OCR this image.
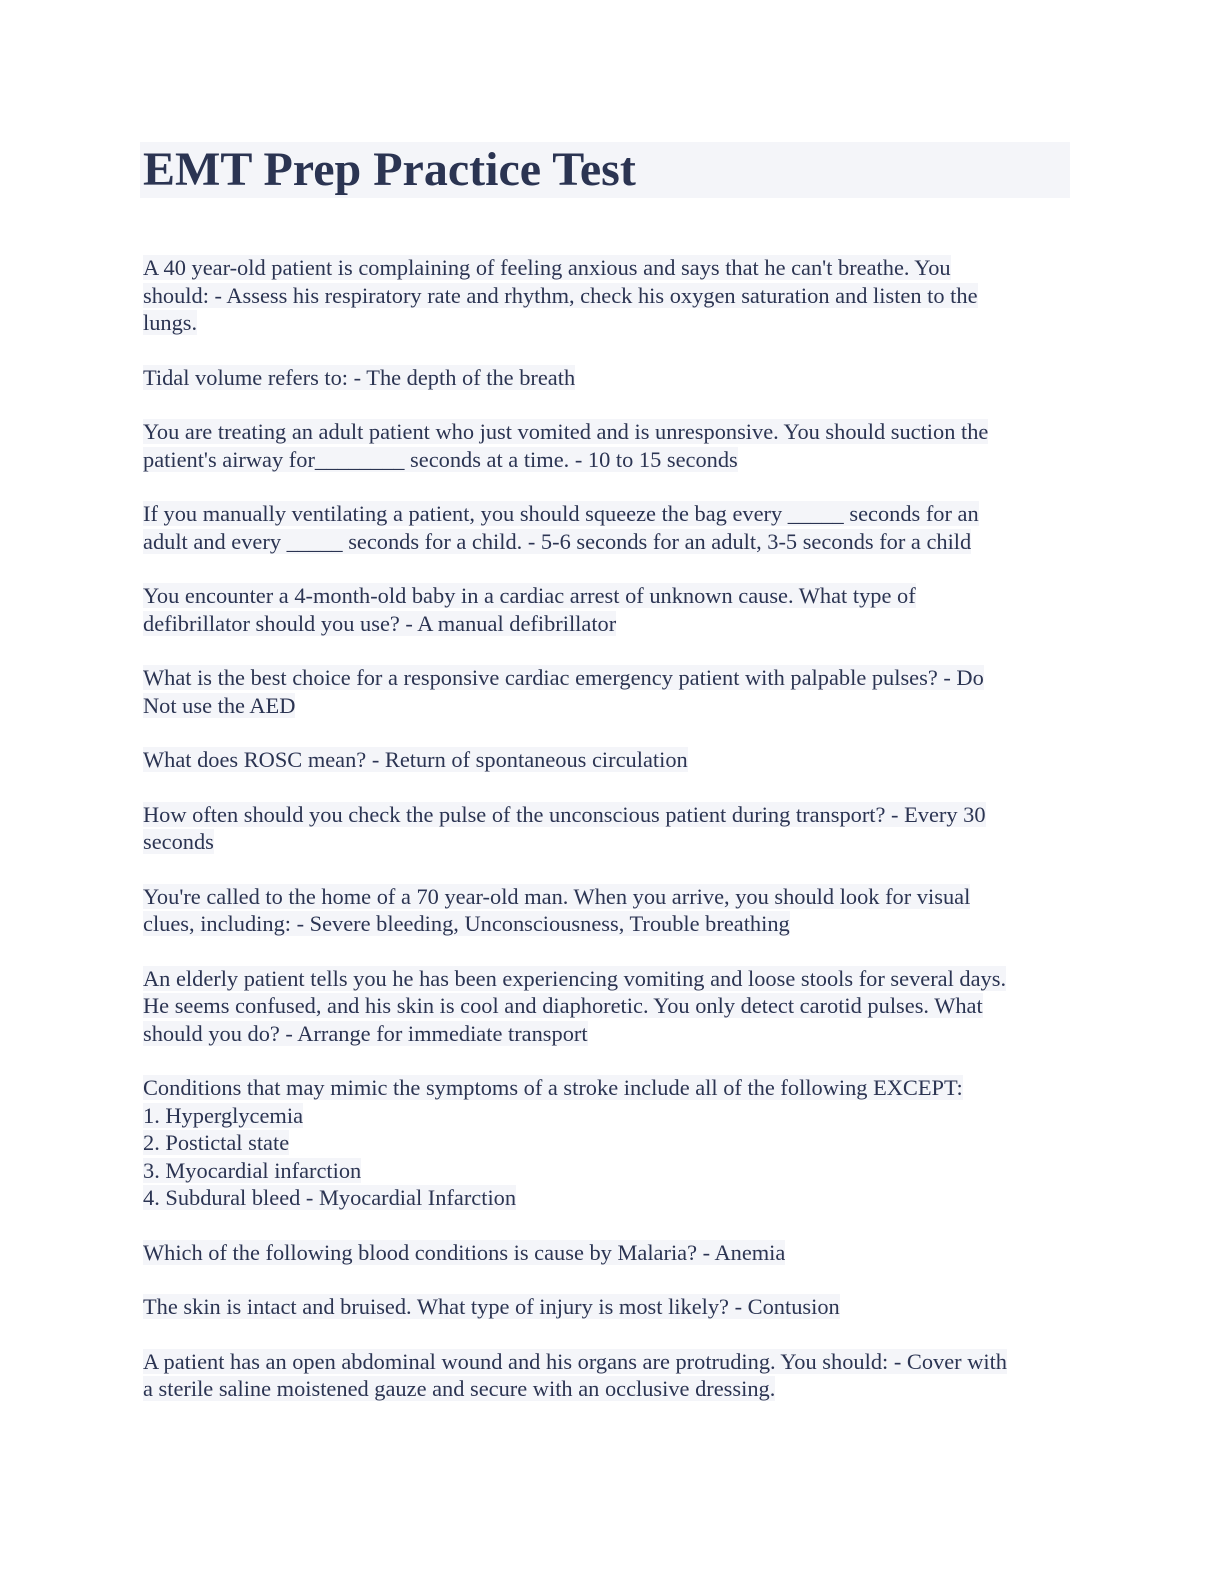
EMT Prep Practice Test
A 40 year-old patient is complaining of feeling anxious and says that he can't breathe. You
should: - Assess his respiratory rate and rhythm, check his oxygen saturation and listen to the
lungs.
Tidal volume refers to: - The depth of the breath
You are treating an adult patient who just vomited and is unresponsive. You should suction the
patient's airway for________ seconds at a time. - 10 to 15 seconds
If you manually ventilating a patient, you should squeeze the bag every _____ seconds for an
adult and every _____ seconds for a child. - 5-6 seconds for an adult, 3-5 seconds for a child
You encounter a 4-month-old baby in a cardiac arrest of unknown cause. What type of
defibrillator should you use? - A manual defibrillator
What is the best choice for a responsive cardiac emergency patient with palpable pulses? - Do
Not use the AED
What does ROSC mean? - Return of spontaneous circulation
How often should you check the pulse of the unconscious patient during transport? - Every 30
seconds
You're called to the home of a 70 year-old man. When you arrive, you should look for visual
clues, including: - Severe bleeding, Unconsciousness, Trouble breathing
An elderly patient tells you he has been experiencing vomiting and loose stools for several days.
He seems confused, and his skin is cool and diaphoretic. You only detect carotid pulses. What
should you do? - Arrange for immediate transport
Conditions that may mimic the symptoms of a stroke include all of the following EXCEPT:
1. Hyperglycemia
2. Postictal state
3. Myocardial infarction
4. Subdural bleed - Myocardial Infarction
Which of the following blood conditions is cause by Malaria? - Anemia
The skin is intact and bruised. What type of injury is most likely? - Contusion
A patient has an open abdominal wound and his organs are protruding. You should: - Cover with
a sterile saline moistened gauze and secure with an occlusive dressing.
